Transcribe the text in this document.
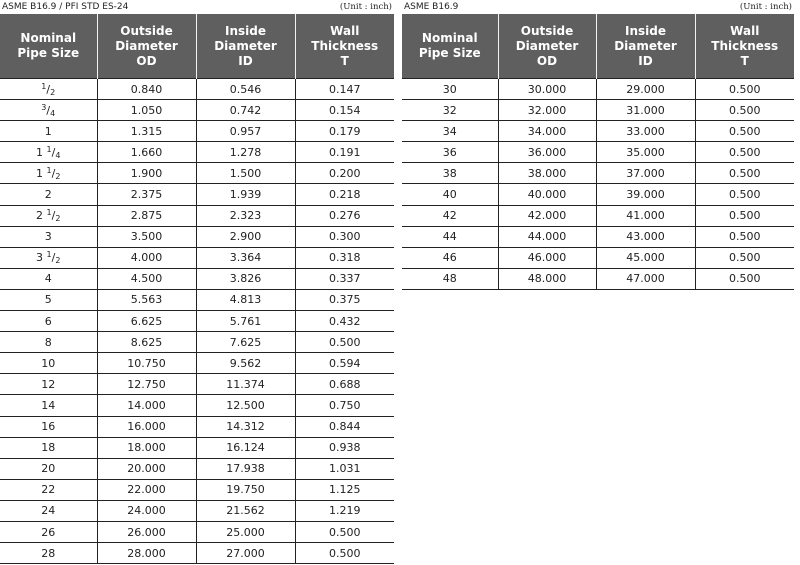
ASME B16.9 / PFI STD ES-24	(Unit : inch)
Nominal
Pipe Size	Outside
Diameter
OD	Inside
Diameter
ID	Wall
Thickness
T
$^1/_2$	0.840	0.546	0.147
$^3/_4$	1.050	0.742	0.154
1	1.315	0.957	0.179
1 $^1/_4$	1.660	1.278	0.191
1 $^1/_2$	1.900	1.500	0.200
2	2.375	1.939	0.218
2 $^1/_2$	2.875	2.323	0.276
3	3.500	2.900	0.300
3 $^1/_2$	4.000	3.364	0.318
4	4.500	3.826	0.337
5	5.563	4.813	0.375
6	6.625	5.761	0.432
8	8.625	7.625	0.500
10	10.750	9.562	0.594
12	12.750	11.374	0.688
14	14.000	12.500	0.750
16	16.000	14.312	0.844
18	18.000	16.124	0.938
20	20.000	17.938	1.031
22	22.000	19.750	1.125
24	24.000	21.562	1.219
26	26.000	25.000	0.500
28	28.000	27.000	0.500
ASME B16.9	(Unit : inch)
Nominal
Pipe Size	Outside
Diameter
OD	Inside
Diameter
ID	Wall
Thickness
T
30	30.000	29.000	0.500
32	32.000	31.000	0.500
34	34.000	33.000	0.500
36	36.000	35.000	0.500
38	38.000	37.000	0.500
40	40.000	39.000	0.500
42	42.000	41.000	0.500
44	44.000	43.000	0.500
46	46.000	45.000	0.500
48	48.000	47.000	0.500
